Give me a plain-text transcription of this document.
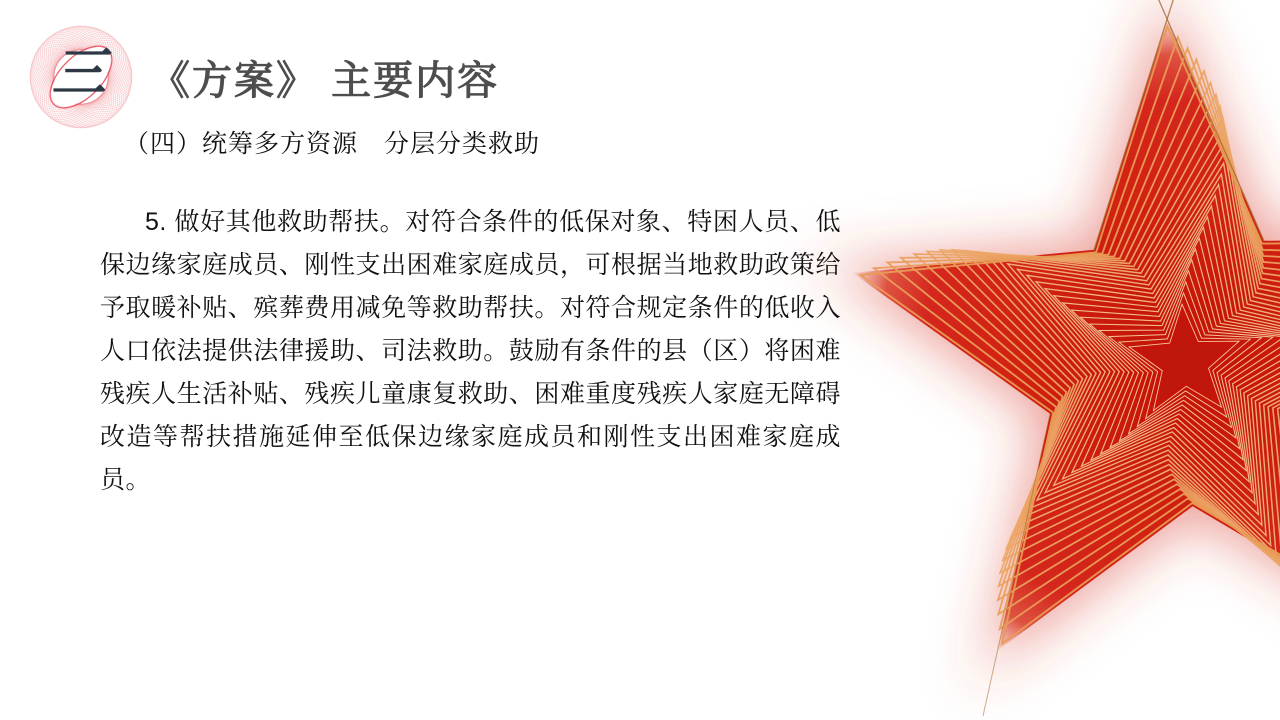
三 《方案》 主要内容
（四）统筹多方资源　分层分类救助

5. 做好其他救助帮扶。对符合条件的低保对象、特困人员、低保边缘家庭成员、刚性支出困难家庭成员，可根据当地救助政策给予取暖补贴、殡葬费用减免等救助帮扶。对符合规定条件的低收入人口依法提供法律援助、司法救助。鼓励有条件的县（区）将困难残疾人生活补贴、残疾儿童康复救助、困难重度残疾人家庭无障碍改造等帮扶措施延伸至低保边缘家庭成员和刚性支出困难家庭成员。
